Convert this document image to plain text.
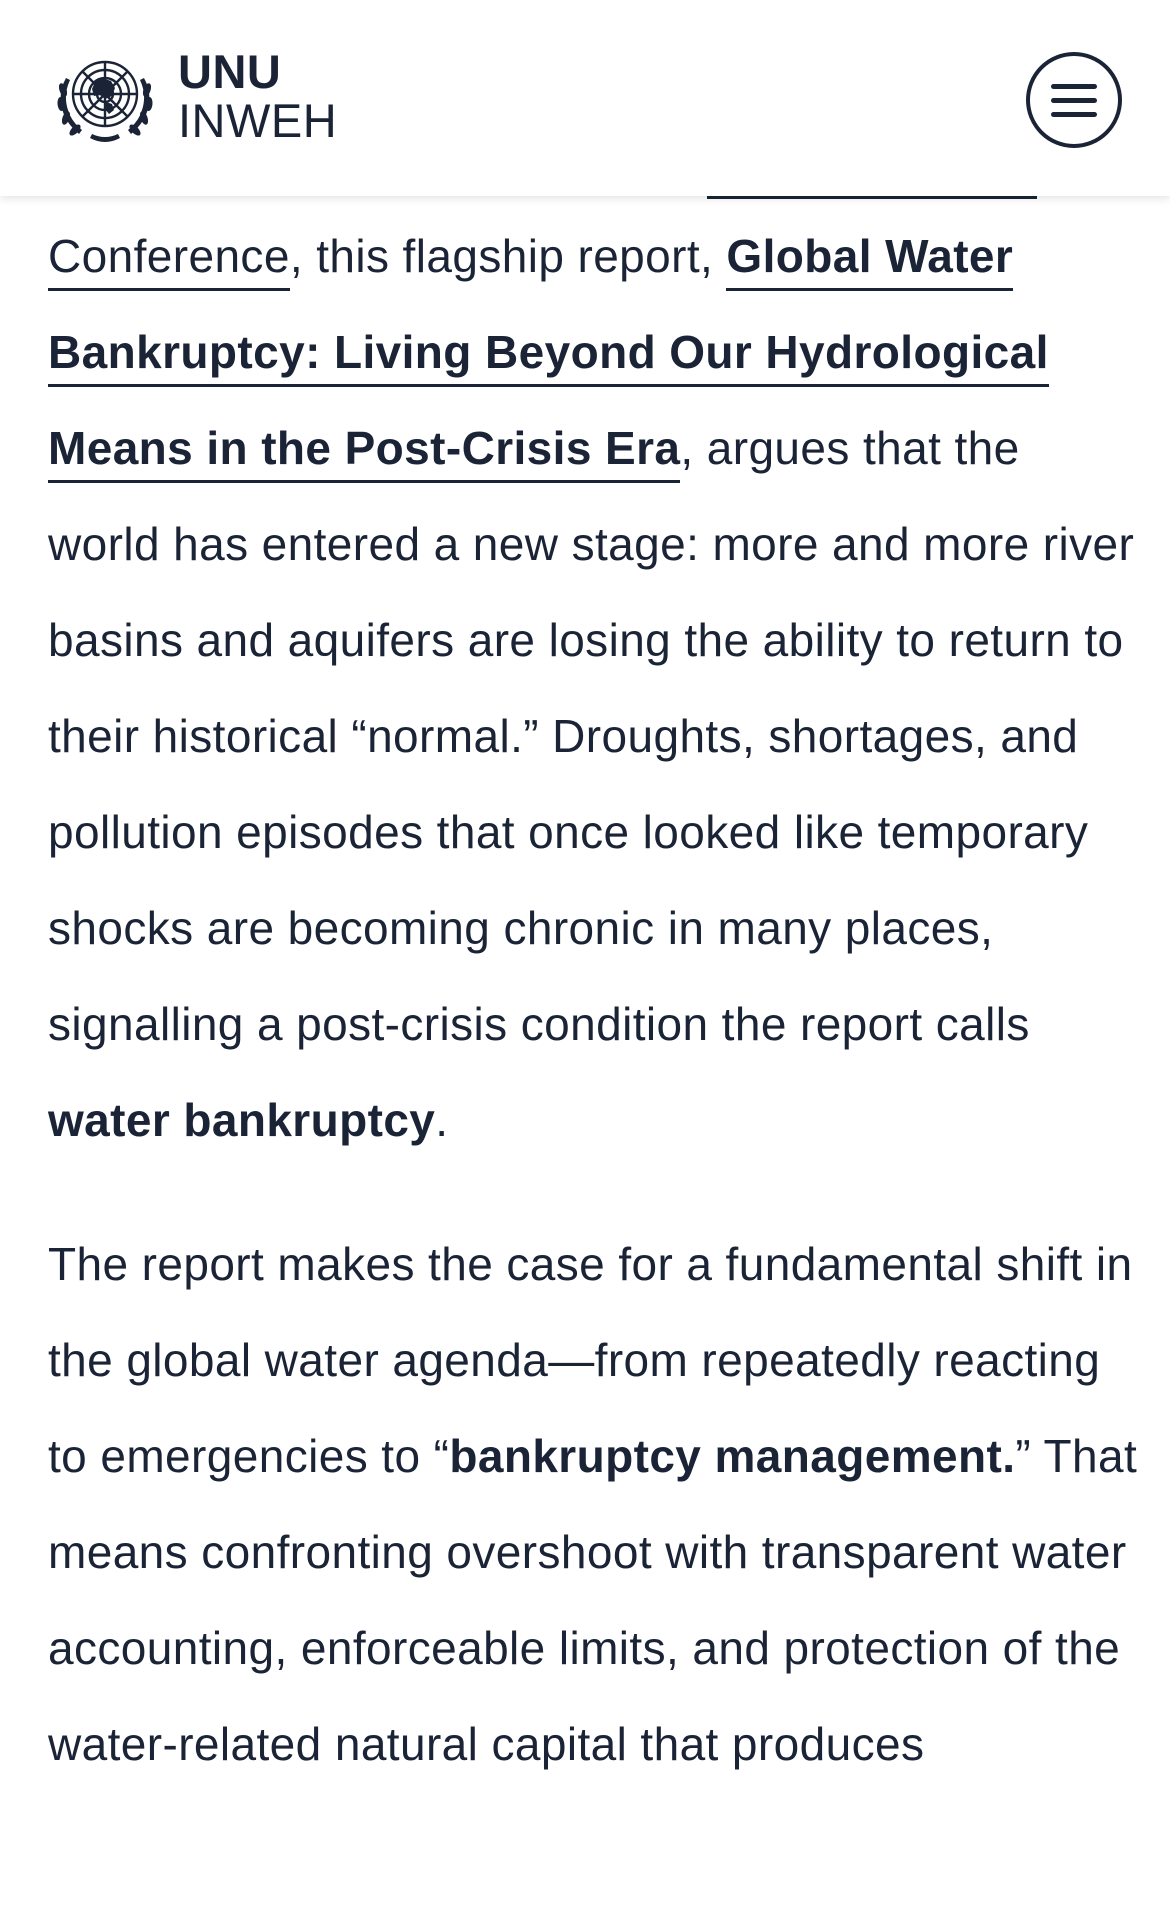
UNU
INWEH

Conference, this flagship report, Global Water Bankruptcy: Living Beyond Our Hydrological Means in the Post-Crisis Era, argues that the world has entered a new stage: more and more river basins and aquifers are losing the ability to return to their historical “normal.” Droughts, shortages, and pollution episodes that once looked like temporary shocks are becoming chronic in many places, signalling a post-crisis condition the report calls water bankruptcy.

The report makes the case for a fundamental shift in the global water agenda—from repeatedly reacting to emergencies to “bankruptcy management.” That means confronting overshoot with transparent water accounting, enforceable limits, and protection of the water-related natural capital that produces
